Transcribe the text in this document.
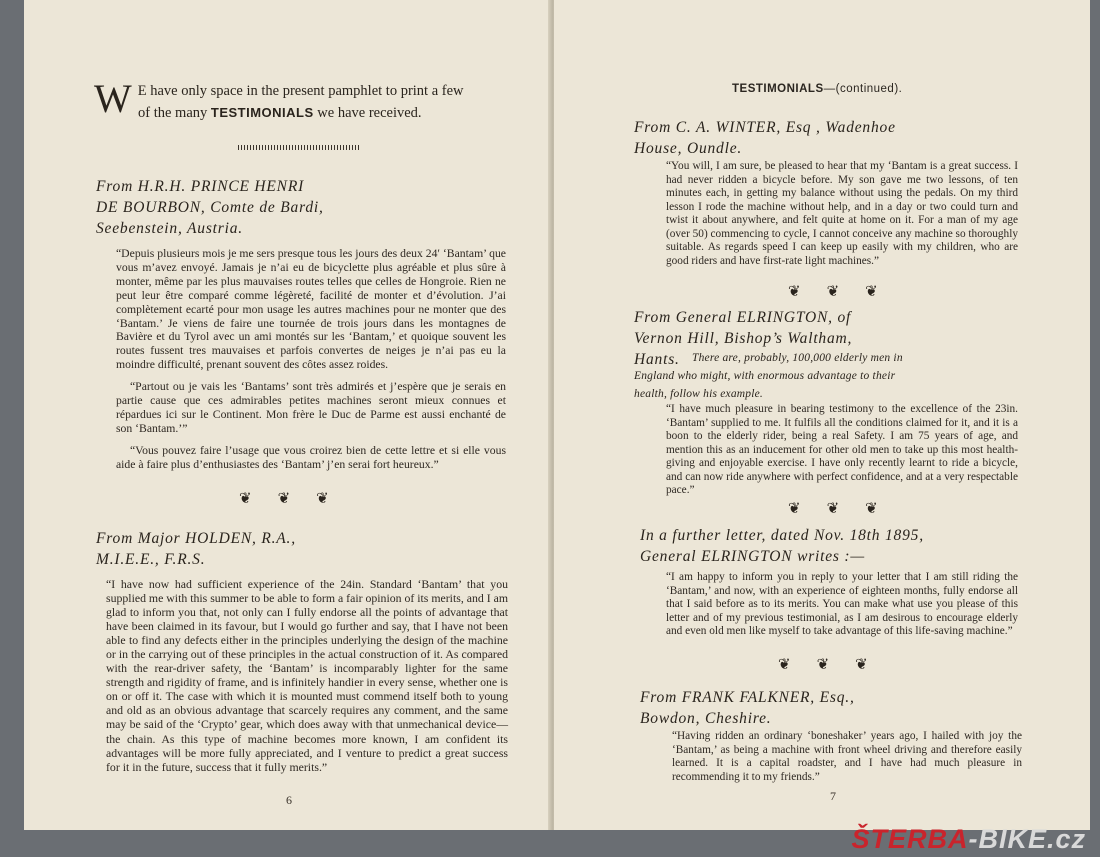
W E have only space in the present pamphlet to print a few
of the many TESTIMONIALS we have received.
From H.R.H. PRINCE HENRI
DE BOURBON, Comte de Bardi,
Seebenstein, Austria.

“Depuis plusieurs mois je me sers presque tous les jours des deux 24′ ‘Bantam’ que vous m’avez envoyé. Jamais je n’ai eu de bicyclette plus agréable et plus sûre à monter, même par les plus mauvaises routes telles que celles de Hongroie. Rien ne peut leur être comparé comme légèreté, facilité de monter et d’évolution. J’ai complètement ecarté pour mon usage les autres machines pour ne monter que des ‘Bantam.’ Je viens de faire une tournée de trois jours dans les montagnes de Bavière et du Tyrol avec un ami montés sur les ‘Bantam,’ et quoique souvent les routes fussent tres mauvaises et parfois convertes de neiges je n’ai pas eu la moindre difficulté, prenant souvent des côtes assez roides.

“Partout ou je vais les ‘Bantams’ sont très admirés et j’espère que je serais en partie cause que ces admirables petites machines seront mieux connues et répardues ici sur le Continent. Mon frère le Duc de Parme est aussi enchanté de son ‘Bantam.’”

“Vous pouvez faire l’usage que vous croirez bien de cette lettre et si elle vous aide à faire plus d’enthusiastes des ‘Bantam’ j’en serai fort heureux.”

❦ ❦ ❦
From Major HOLDEN, R.A.,
M.I.E.E., F.R.S.

“I have now had sufficient experience of the 24in. Standard ‘Bantam’ that you supplied me with this summer to be able to form a fair opinion of its merits, and I am glad to inform you that, not only can I fully endorse all the points of advantage that have been claimed in its favour, but I would go further and say, that I have not been able to find any defects either in the principles underlying the design of the machine or in the carrying out of these principles in the actual construction of it. As compared with the rear-driver safety, the ‘Bantam’ is incomparably lighter for the same strength and rigidity of frame, and is infinitely handier in every sense, whether one is on or off it. The case with which it is mounted must commend itself both to young and old as an obvious advantage that scarcely requires any comment, and the same may be said of the ‘Crypto’ gear, which does away with that unmechanical device—the chain. As this type of machine becomes more known, I am confident its advantages will be more fully appreciated, and I venture to predict a great success for it in the future, success that it fully merits.”

6
TESTIMONIALS—(continued).
From C. A. WINTER, Esq , Wadenhoe
House, Oundle.

“You will, I am sure, be pleased to hear that my ‘Bantam is a great success. I had never ridden a bicycle before. My son gave me two lessons, of ten minutes each, in getting my balance without using the pedals. On my third lesson I rode the machine without help, and in a day or two could turn and twist it about anywhere, and felt quite at home on it. For a man of my age (over 50) commencing to cycle, I cannot conceive any machine so thoroughly suitable. As regards speed I can keep up easily with my children, who are good riders and have first-rate light machines.”

❦ ❦ ❦
From General ELRINGTON, of
Vernon Hill, Bishop’s Waltham,
Hants.	There are, probably, 100,000 elderly men in England who might, with enormous advantage to their health, follow his example.

“I have much pleasure in bearing testimony to the excellence of the 23in. ‘Bantam’ supplied to me. It fulfils all the conditions claimed for it, and it is a boon to the elderly rider, being a real Safety. I am 75 years of age, and mention this as an inducement for other old men to take up this most health-giving and enjoyable exercise. I have only recently learnt to ride a bicycle, and can now ride anywhere with perfect confidence, and at a very respectable pace.”

❦ ❦ ❦
In a further letter, dated Nov. 18th 1895,
General ELRINGTON writes :—

“I am happy to inform you in reply to your letter that I am still riding the ‘Bantam,’ and now, with an experience of eighteen months, fully endorse all that I said before as to its merits. You can make what use you please of this letter and of my previous testimonial, as I am desirous to encourage elderly and even old men like myself to take advantage of this life-saving machine.”

❦ ❦ ❦
From FRANK FALKNER, Esq.,
Bowdon, Cheshire.

“Having ridden an ordinary ‘boneshaker’ years ago, I hailed with joy the ‘Bantam,’ as being a machine with front wheel driving and therefore easily learned. It is a capital roadster, and I have had much pleasure in recommending it to my friends.”

7
ŠTERBA-BIKE.cz
